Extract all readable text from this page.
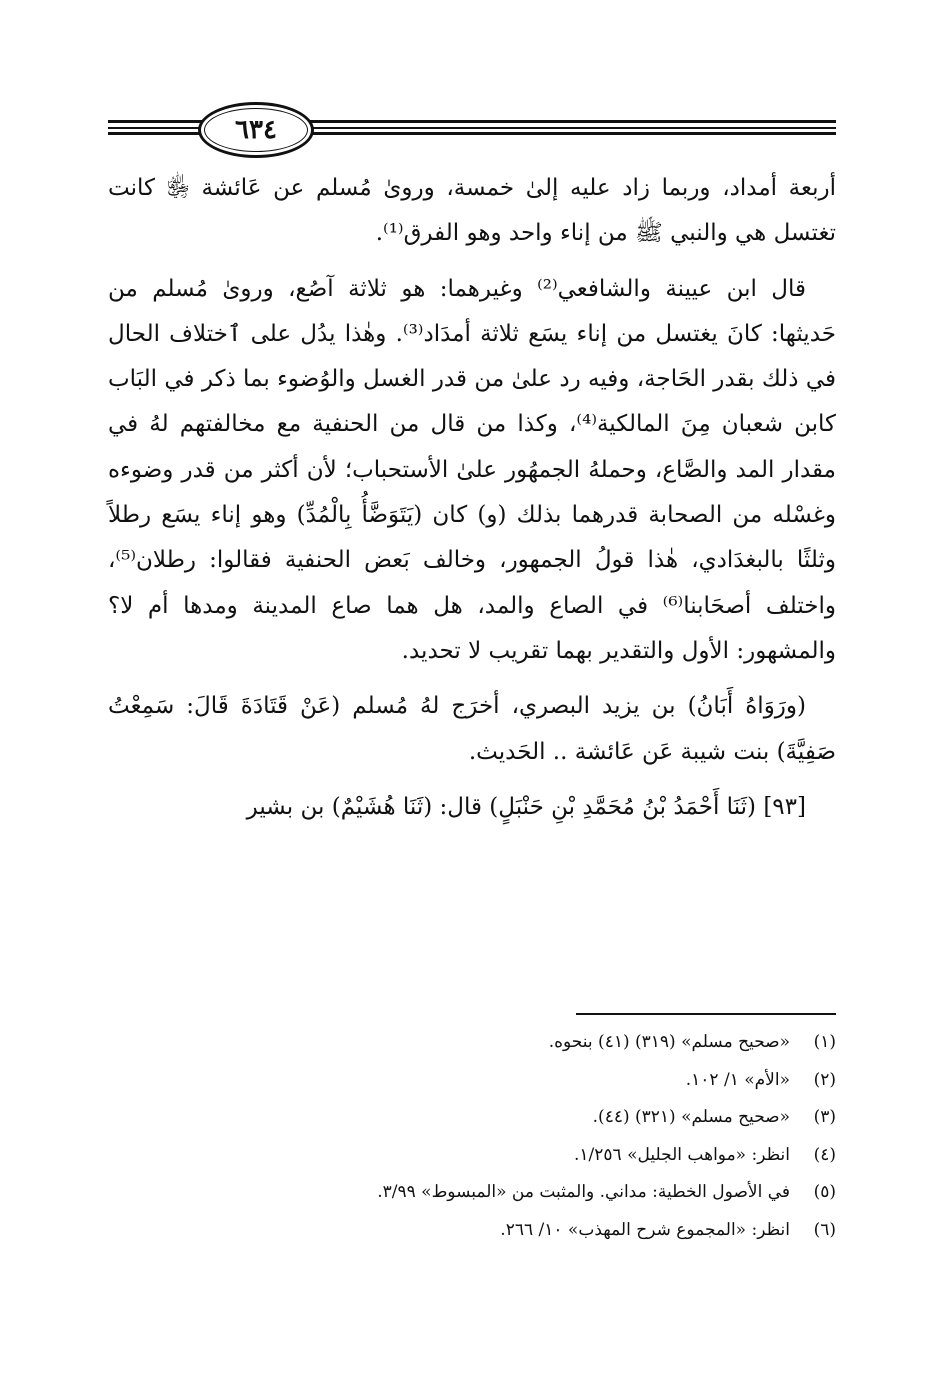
٦٣٤

أربعة أمداد، وربما زاد عليه إلىٰ خمسة، وروىٰ مُسلم عن عَائشة ﵂ كانت تغتسل هي والنبي ﷺ من إناء واحد وهو الفرق⁽¹⁾.

قال ابن عيينة والشافعي⁽²⁾ وغيرهما: هو ثلاثة آصُع، وروىٰ مُسلم من حَديثها: كانَ يغتسل من إناء يسَع ثلاثة أمدَاد⁽³⁾. وهٰذا يدُل على ٱختلاف الحال في ذلك بقدر الحَاجة، وفيه رد علىٰ من قدر الغسل والوُضوء بما ذكر في البَاب كابن شعبان مِنَ المالكية⁽⁴⁾، وكذا من قال من الحنفية مع مخالفتهم لهُ في مقدار المد والصَّاع، وحملهُ الجمهُور علىٰ الأستحباب؛ لأن أكثر من قدر وضوءه وغسْله من الصحابة قدرهما بذلك (و) كان (يَتَوَضَّأُ بِالْمُدِّ) وهو إناء يسَع رطلاً وثلثًا بالبغدَادي، هٰذا قولُ الجمهور، وخالف بَعض الحنفية فقالوا: رطلان⁽⁵⁾، واختلف أصحَابنا⁽⁶⁾ في الصاع والمد، هل هما صاع المدينة ومدها أم لا؟ والمشهور: الأول والتقدير بهما تقريب لا تحديد.

(ورَوَاهُ أَبَانُ) بن يزيد البصري، أخرَج لهُ مُسلم (عَنْ قَتَادَةَ قَالَ: سَمِعْتُ صَفِيَّةَ) بنت شيبة عَن عَائشة .. الحَديث.

[٩٣] (ثَنَا أَحْمَدُ بْنُ مُحَمَّدِ بْنِ حَنْبَلٍ) قال: (ثَنَا هُشَيْمٌ) بن بشير

(١)«صحيح مسلم» (٣١٩) (٤١) بنحوه.
(٢)«الأم» ١/ ١٠٢.
(٣)«صحيح مسلم» (٣٢١) (٤٤).
(٤)انظر: «مواهب الجليل» ١/٢٥٦.
(٥)في الأصول الخطية: مداني. والمثبت من «المبسوط» ٣/٩٩.
(٦)انظر: «المجموع شرح المهذب» ١٠/ ٢٦٦.
